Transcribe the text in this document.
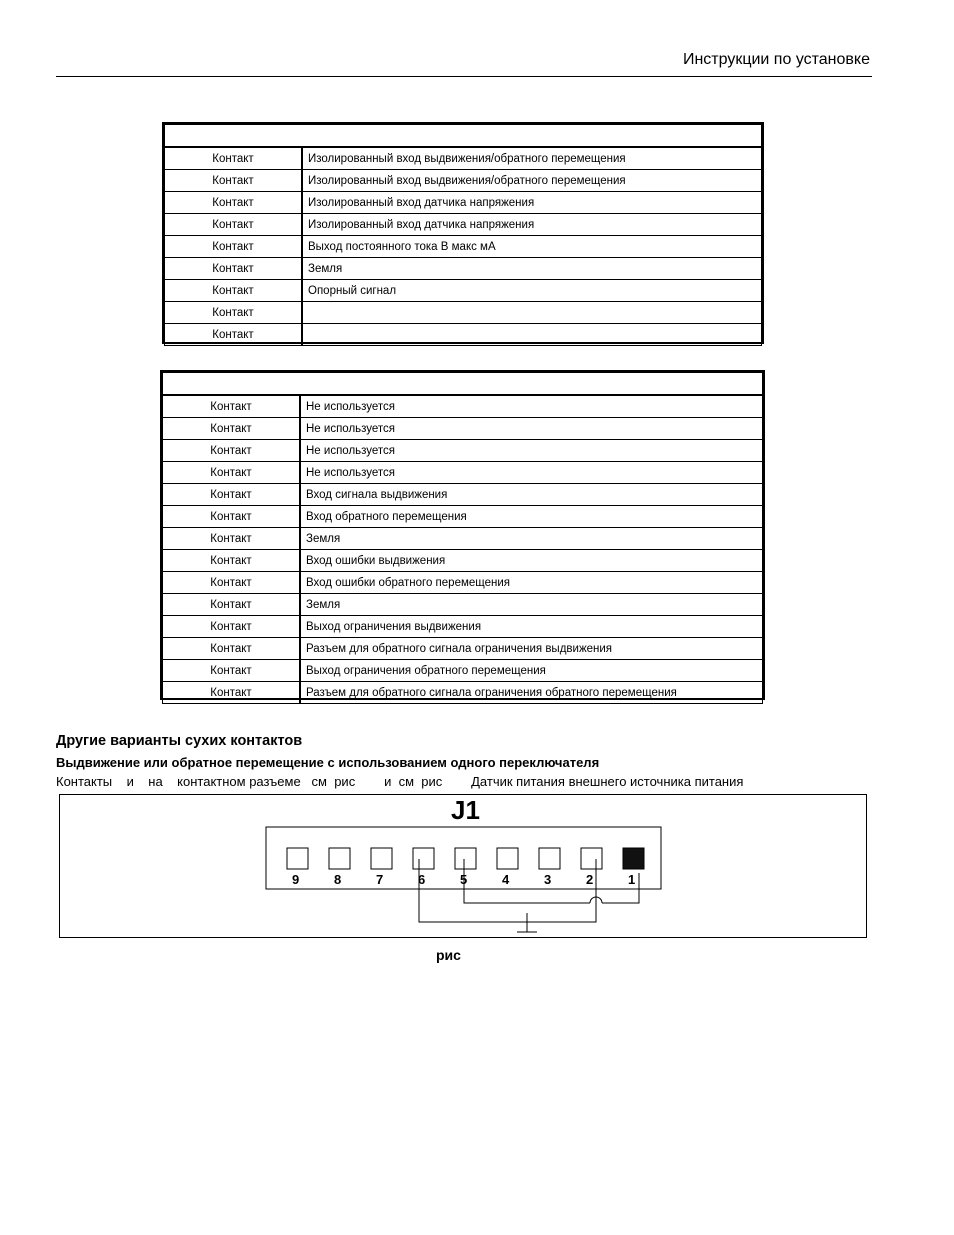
Инструкции по установке

Контакт	Изолированный вход выдвижения/обратного перемещения
Контакт	Изолированный вход выдвижения/обратного перемещения
Контакт	Изолированный вход датчика напряжения
Контакт	Изолированный вход датчика напряжения
Контакт	Выход постоянного тока В макс мА
Контакт	Земля
Контакт	Опорный сигнал
Контакт	
Контакт	

Контакт	Не используется
Контакт	Не используется
Контакт	Не используется
Контакт	Не используется
Контакт	Вход сигнала выдвижения
Контакт	Вход обратного перемещения
Контакт	Земля
Контакт	Вход ошибки выдвижения
Контакт	Вход ошибки обратного перемещения
Контакт	Земля
Контакт	Выход ограничения выдвижения
Контакт	Разъем для обратного сигнала ограничения выдвижения
Контакт	Выход ограничения обратного перемещения
Контакт	Разъем для обратного сигнала ограничения обратного перемещения
Другие варианты сухих контактов
Выдвижение или обратное перемещение с использованием одного переключателя
Контакты    и    на    контактном разъеме   см  рис        и  см  рис        Датчик питания внешнего источника питания
J1
9	8	7	6	5	4	3	2	1
рис
